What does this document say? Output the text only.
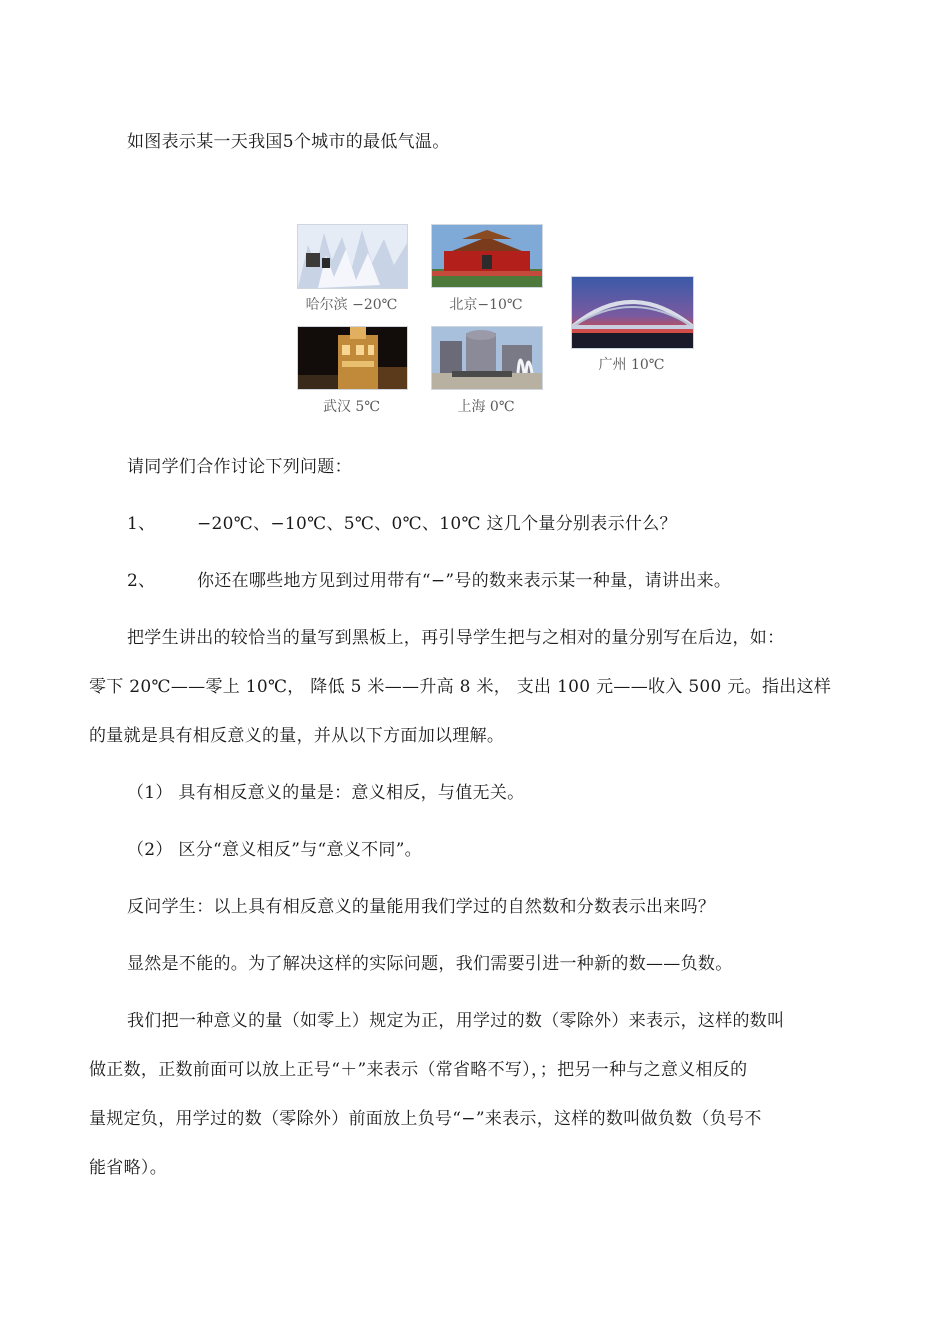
如图表示某一天我国5个城市的最低气温。
哈尔滨 −20℃	北京−10℃
广州 10℃
武汉 5℃	上海 0℃
请同学们合作讨论下列问题：
1、 −20℃、−10℃、5℃、0℃、10℃ 这几个量分别表示什么？
2、 你还在哪些地方见到过用带有“−”号的数来表示某一种量，请讲出来。
把学生讲出的较恰当的量写到黑板上，再引导学生把与之相对的量分别写在后边，如：
零下 20℃——零上 10℃， 降低 5 米——升高 8 米， 支出 100 元——收入 500 元。指出这样
的量就是具有相反意义的量，并从以下方面加以理解。
（1） 具有相反意义的量是：意义相反，与值无关。
（2） 区分“意义相反”与“意义不同”。
反问学生：以上具有相反意义的量能用我们学过的自然数和分数表示出来吗？
显然是不能的。为了解决这样的实际问题，我们需要引进一种新的数——负数。
我们把一种意义的量（如零上）规定为正，用学过的数（零除外）来表示，这样的数叫
做正数，正数前面可以放上正号“＋”来表示（常省略不写），；把另一种与之意义相反的
量规定负，用学过的数（零除外）前面放上负号“−”来表示，这样的数叫做负数（负号不
能省略）。
